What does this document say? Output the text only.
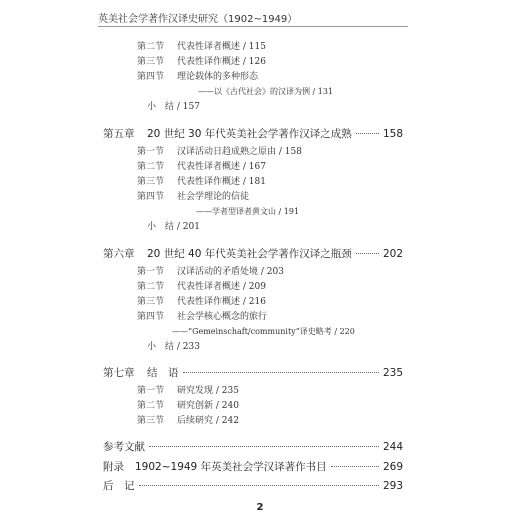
英美社会学著作汉译史研究（1902~1949）
第二节 代表性译者概述 / 115
第三节 代表性译作概述 / 126
第四节 理论载体的多种形态
——以《古代社会》的汉译为例 / 131
小　结 / 157
第五章	20 世纪 30 年代英美社会学著作汉译之成熟	158
第一节 汉译活动日趋成熟之原由 / 158
第二节 代表性译者概述 / 167
第三节 代表性译作概述 / 181
第四节 社会学理论的信徒
——学者型译者黄文山 / 191
小　结 / 201
第六章	20 世纪 40 年代英美社会学著作汉译之瓶颈	202
第一节 汉译活动的矛盾处境 / 203
第二节 代表性译者概述 / 209
第三节 代表性译作概述 / 216
第四节 社会学核心概念的旅行
——“Gemeinschaft/community”译史略考 / 220
小　结 / 233
第七章	结　语	235
第一节 研究发现 / 235
第二节 研究创新 / 240
第三节 后续研究 / 242
参考文献	244
附录	1902~1949 年英美社会学汉译著作书目	269
后　记	293
2
